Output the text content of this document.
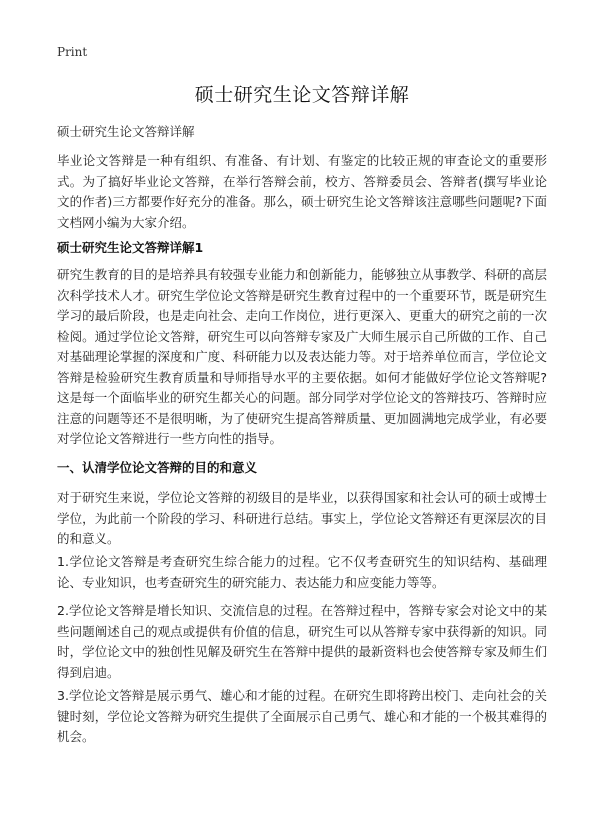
Print
硕士研究生论文答辩详解
硕士研究生论文答辩详解

毕业论文答辩是一种有组织、有准备、有计划、有鉴定的比较正规的审查论文的重要形式。为了搞好毕业论文答辩，在举行答辩会前，校方、答辩委员会、答辩者(撰写毕业论文的作者)三方都要作好充分的准备。那么，硕士研究生论文答辩该注意哪些问题呢?下面文档网小编为大家介绍。

硕士研究生论文答辩详解1

研究生教育的目的是培养具有较强专业能力和创新能力，能够独立从事教学、科研的高层次科学技术人才。研究生学位论文答辩是研究生教育过程中的一个重要环节，既是研究生学习的最后阶段，也是走向社会、走向工作岗位，进行更深入、更重大的研究之前的一次检阅。通过学位论文答辩，研究生可以向答辩专家及广大师生展示自己所做的工作、自己对基础理论掌握的深度和广度、科研能力以及表达能力等。对于培养单位而言，学位论文答辩是检验研究生教育质量和导师指导水平的主要依据。如何才能做好学位论文答辩呢?这是每一个面临毕业的研究生都关心的问题。部分同学对学位论文的答辩技巧、答辩时应注意的问题等还不是很明晰，为了使研究生提高答辩质量、更加圆满地完成学业，有必要对学位论文答辩进行一些方向性的指导。

一、认清学位论文答辩的目的和意义

对于研究生来说，学位论文答辩的初级目的是毕业，以获得国家和社会认可的硕士或博士学位，为此前一个阶段的学习、科研进行总结。事实上，学位论文答辩还有更深层次的目的和意义。

1.学位论文答辩是考查研究生综合能力的过程。它不仅考查研究生的知识结构、基础理论、专业知识，也考查研究生的研究能力、表达能力和应变能力等等。

2.学位论文答辩是增长知识、交流信息的过程。在答辩过程中，答辩专家会对论文中的某些问题阐述自己的观点或提供有价值的信息，研究生可以从答辩专家中获得新的知识。同时，学位论文中的独创性见解及研究生在答辩中提供的最新资料也会使答辩专家及师生们得到启迪。

3.学位论文答辩是展示勇气、雄心和才能的过程。在研究生即将跨出校门、走向社会的关键时刻，学位论文答辩为研究生提供了全面展示自己勇气、雄心和才能的一个极其难得的机会。
